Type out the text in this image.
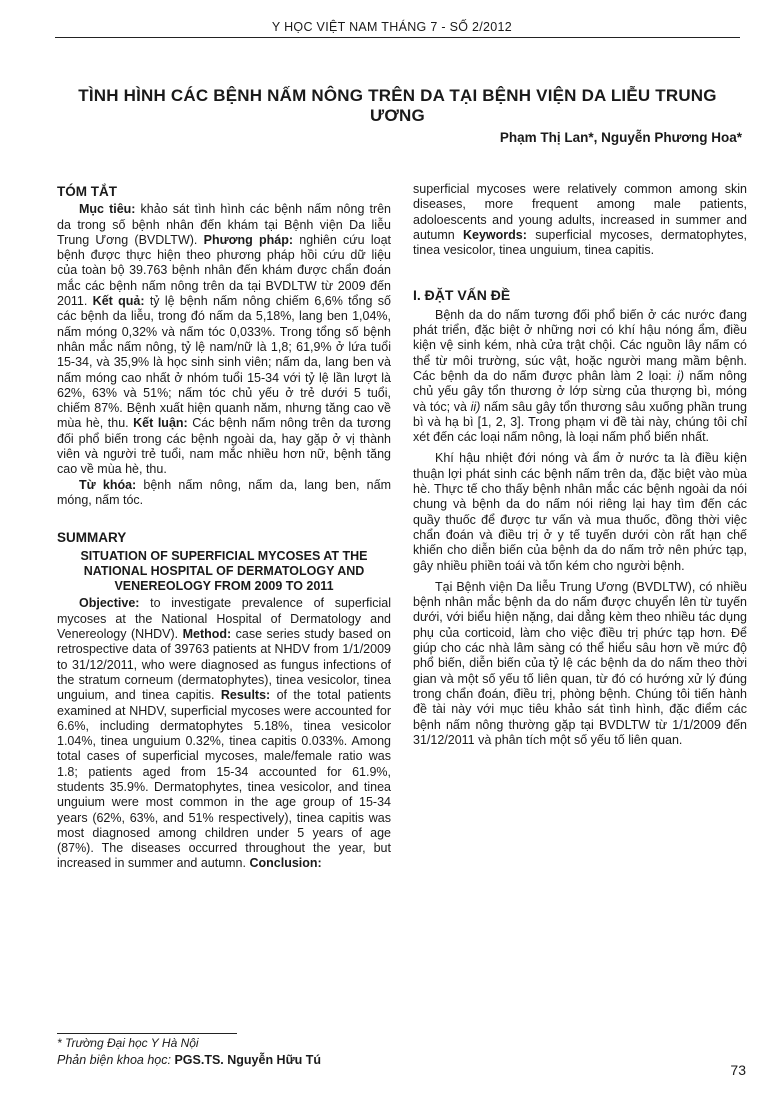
Y HỌC VIỆT NAM THÁNG 7 - SỐ 2/2012
TÌNH HÌNH CÁC BỆNH NẤM NÔNG TRÊN DA TẠI BỆNH VIỆN DA LIỄU TRUNG ƯƠNG
Phạm Thị Lan*, Nguyễn Phương Hoa*
TÓM TẮT

Mục tiêu: khảo sát tình hình các bệnh nấm nông trên da trong số bệnh nhân đến khám tại Bệnh viện Da liễu Trung Ương (BVDLTW). Phương pháp: nghiên cứu loạt bệnh được thực hiện theo phương pháp hồi cứu dữ liệu của toàn bộ 39.763 bệnh nhân đến khám được chẩn đoán mắc các bệnh nấm nông trên da tại BVDLTW từ 2009 đến 2011. Kết quả: tỷ lệ bệnh nấm nông chiếm 6,6% tổng số các bệnh da liễu, trong đó nấm da 5,18%, lang ben 1,04%, nấm móng 0,32% và nấm tóc 0,033%. Trong tổng số bệnh nhân mắc nấm nông, tỷ lệ nam/nữ là 1,8; 61,9% ở lứa tuổi 15-34, và 35,9% là học sinh sinh viên; nấm da, lang ben và nấm móng cao nhất ở nhóm tuổi 15-34 với tỷ lệ lần lượt là 62%, 63% và 51%; nấm tóc chủ yếu ở trẻ dưới 5 tuổi, chiếm 87%. Bệnh xuất hiện quanh năm, nhưng tăng cao về mùa hè, thu. Kết luận: Các bệnh nấm nông trên da tương đối phổ biến trong các bệnh ngoài da, hay gặp ở vị thành viên và người trẻ tuổi, nam mắc nhiều hơn nữ, bệnh tăng cao về mùa hè, thu.

Từ khóa: bệnh nấm nông, nấm da, lang ben, nấm móng, nấm tóc.

SUMMARY
SITUATION OF SUPERFICIAL MYCOSES AT THE NATIONAL HOSPITAL OF DERMATOLOGY AND VENEREOLOGY FROM 2009 TO 2011

Objective: to investigate prevalence of superficial mycoses at the National Hospital of Dermatology and Venereology (NHDV). Method: case series study based on retrospective data of 39763 patients at NHDV from 1/1/2009 to 31/12/2011, who were diagnosed as fungus infections of the stratum corneum (dermatophytes), tinea vesicolor, tinea unguium, and tinea capitis. Results: of the total patients examined at NHDV, superficial mycoses were accounted for 6.6%, including dermatophytes 5.18%, tinea vesicolor 1.04%, tinea unguium 0.32%, tinea capitis 0.033%. Among total cases of superficial mycoses, male/female ratio was 1.8; patients aged from 15-34 accounted for 61.9%, students 35.9%. Dermatophytes, tinea vesicolor, and tinea unguium were most common in the age group of 15-34 years (62%, 63%, and 51% respectively), tinea capitis was most diagnosed among children under 5 years of age (87%). The diseases occurred throughout the year, but increased in summer and autumn. Conclusion:

superficial mycoses were relatively common among skin diseases, more frequent among male patients, adoloescents and young adults, increased in summer and autumn Keywords: superficial mycoses, dermatophytes, tinea vesicolor, tinea unguium, tinea capitis.

I. ĐẶT VẤN ĐỀ

Bệnh da do nấm tương đối phổ biến ở các nước đang phát triển, đặc biệt ở những nơi có khí hậu nóng ẩm, điều kiện vệ sinh kém, nhà cửa trật chội. Các nguồn lây nấm có thể từ môi trường, súc vật, hoặc người mang mầm bệnh. Các bệnh da do nấm được phân làm 2 loại: i) nấm nông chủ yếu gây tổn thương ở lớp sừng của thượng bì, móng và tóc; và ii) nấm sâu gây tổn thương sâu xuống phần trung bì và hạ bì [1, 2, 3]. Trong phạm vi đề tài này, chúng tôi chỉ xét đến các loại nấm nông, là loại nấm phổ biến nhất.

Khí hậu nhiệt đới nóng và ẩm ở nước ta là điều kiện thuận lợi phát sinh các bệnh nấm trên da, đặc biệt vào mùa hè. Thực tế cho thấy bệnh nhân mắc các bệnh ngoài da nói chung và bệnh da do nấm nói riêng lại hay tìm đến các quầy thuốc để được tư vấn và mua thuốc, đồng thời việc chẩn đoán và điều trị ở y tế tuyến dưới còn rất hạn chế khiến cho diễn biến của bệnh da do nấm trở nên phức tạp, gây nhiều phiền toái và tốn kém cho người bệnh.

Tại Bệnh viện Da liễu Trung Ương (BVDLTW), có nhiều bệnh nhân mắc bệnh da do nấm được chuyển lên từ tuyến dưới, với biểu hiện nặng, dai dẳng kèm theo nhiều tác dụng phụ của corticoid, làm cho việc điều trị phức tạp hơn. Để giúp cho các nhà lâm sàng có thể hiểu sâu hơn về mức độ phổ biến, diễn biến của tỷ lệ các bệnh da do nấm theo thời gian và một số yếu tố liên quan, từ đó có hướng xử lý đúng trong chẩn đoán, điều trị, phòng bệnh. Chúng tôi tiến hành đề tài này với mục tiêu khảo sát tình hình, đặc điểm các bệnh nấm nông thường gặp tại BVDLTW từ 1/1/2009 đến 31/12/2011 và phân tích một số yếu tố liên quan.

* Trường Đại học Y Hà Nội
Phản biện khoa học: PGS.TS. Nguyễn Hữu Tú
73
